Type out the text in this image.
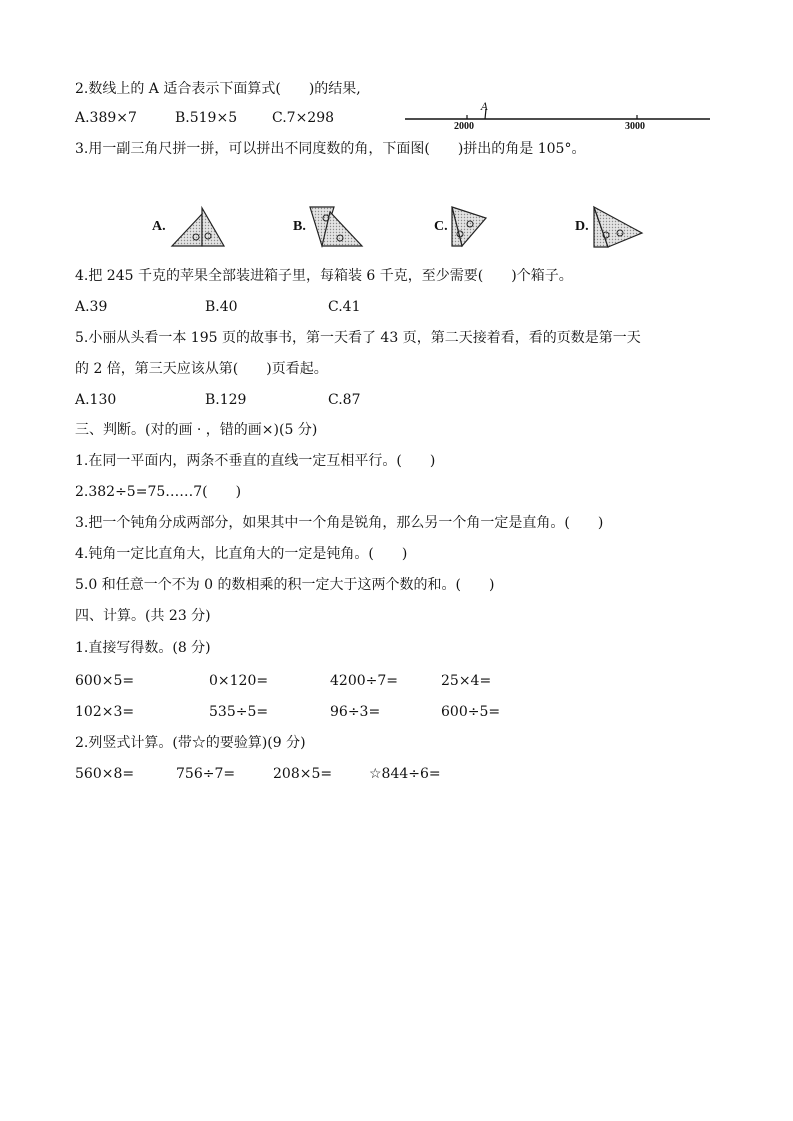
2.数线上的 A 适合表示下面算式(　　)的结果,
A.389×7	B.519×5 C.7×298
A
2000	3000
3.用一副三角尺拼一拼，可以拼出不同度数的角，下面图(　　)拼出的角是 105°。
A.	B.	C.	D.
4.把 245 千克的苹果全部装进箱子里，每箱装 6 千克，至少需要(　　)个箱子。
A.39	B.40	C.41
5.小丽从头看一本 195 页的故事书，第一天看了 43 页，第二天接着看，看的页数是第一天
的 2 倍，第三天应该从第(　　)页看起。
A.130	B.129	C.87
三、判断。(对的画 · ，错的画×)(5 分)
1.在同一平面内，两条不垂直的直线一定互相平行。(　　)
2.382÷5=75……7(　　)
3.把一个钝角分成两部分，如果其中一个角是锐角，那么另一个角一定是直角。(　　)
4.钝角一定比直角大，比直角大的一定是钝角。(　　)
5.0 和任意一个不为 0 的数相乘的积一定大于这两个数的和。(　　)
四、计算。(共 23 分)
1.直接写得数。(8 分)
600×5=	0×120=	4200÷7=	25×4=
102×3=	535÷5=	96÷3=	600÷5=
2.列竖式计算。(带☆的要验算)(9 分)
560×8=	756÷7=	208×5=	☆844÷6=
